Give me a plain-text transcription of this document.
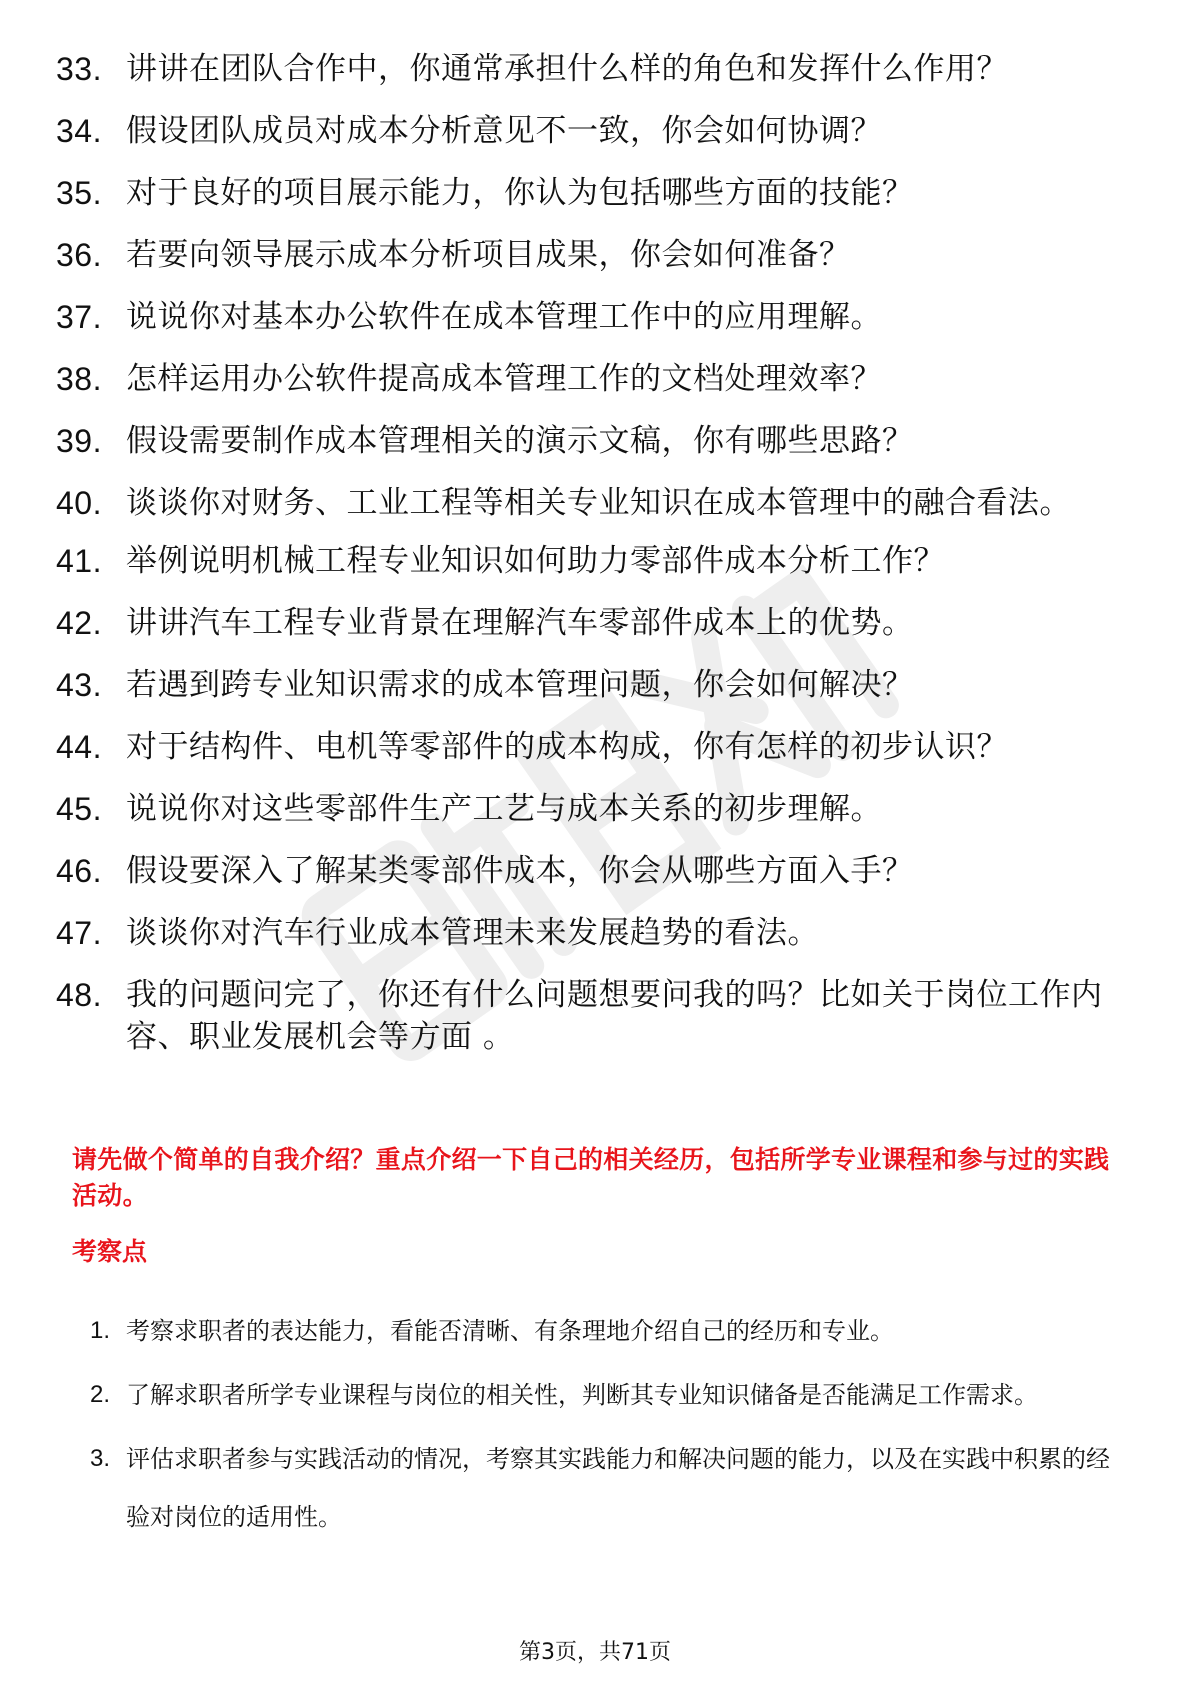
33. 讲讲在团队合作中，你通常承担什么样的角色和发挥什么作用？
34. 假设团队成员对成本分析意见不一致，你会如何协调？
35. 对于良好的项目展示能力，你认为包括哪些方面的技能？
36. 若要向领导展示成本分析项目成果，你会如何准备？
37. 说说你对基本办公软件在成本管理工作中的应用理解。
38. 怎样运用办公软件提高成本管理工作的文档处理效率？
39. 假设需要制作成本管理相关的演示文稿，你有哪些思路？
40. 谈谈你对财务、工业工程等相关专业知识在成本管理中的融合看法。
41. 举例说明机械工程专业知识如何助力零部件成本分析工作？
42. 讲讲汽车工程专业背景在理解汽车零部件成本上的优势。
43. 若遇到跨专业知识需求的成本管理问题，你会如何解决？
44. 对于结构件、电机等零部件的成本构成，你有怎样的初步认识？
45. 说说你对这些零部件生产工艺与成本关系的初步理解。
46. 假设要深入了解某类零部件成本，你会从哪些方面入手？
47. 谈谈你对汽车行业成本管理未来发展趋势的看法。
48. 我的问题问完了，你还有什么问题想要问我的吗？比如关于岗位工作内容、职业发展机会等方面 。
请先做个简单的自我介绍？重点介绍一下自己的相关经历，包括所学专业课程和参与过的实践活动。
考察点
1. 考察求职者的表达能力，看能否清晰、有条理地介绍自己的经历和专业。
2. 了解求职者所学专业课程与岗位的相关性，判断其专业知识储备是否能满足工作需求。
3. 评估求职者参与实践活动的情况，考察其实践能力和解决问题的能力，以及在实践中积累的经验对岗位的适用性。
第3页，共71页
